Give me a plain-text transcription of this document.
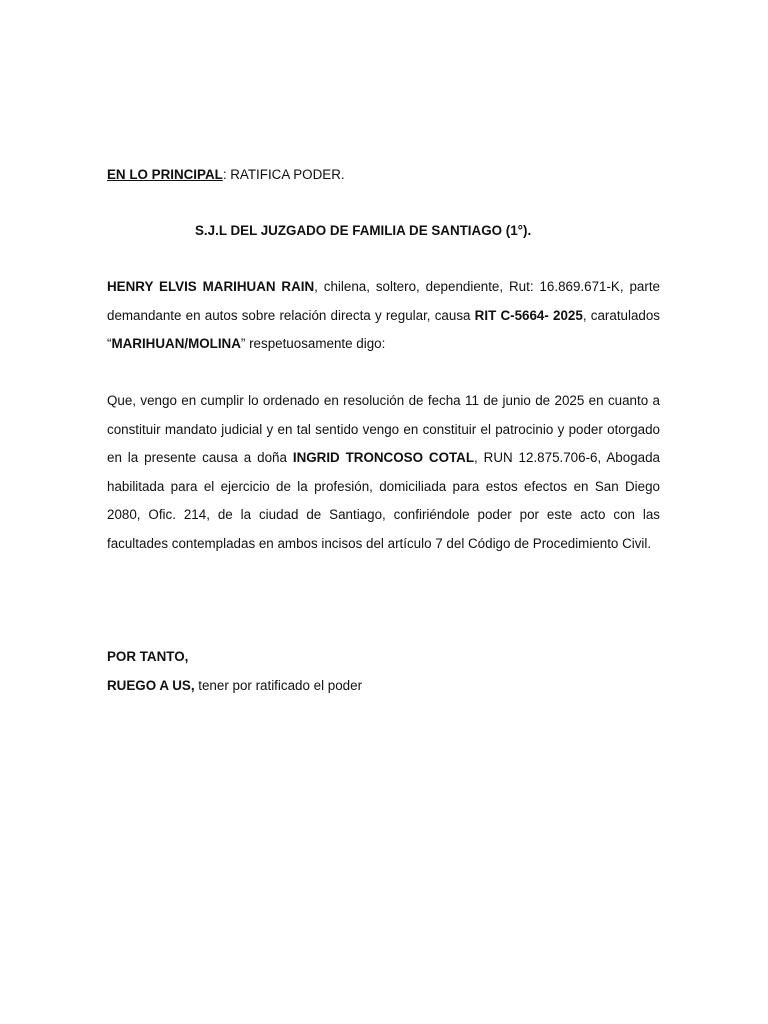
EN LO PRINCIPAL: RATIFICA PODER.
S.J.L DEL JUZGADO DE FAMILIA DE SANTIAGO (1°).
HENRY ELVIS MARIHUAN RAIN, chilena, soltero, dependiente, Rut: 16.869.671-K, parte demandante en autos sobre relación directa y regular, causa RIT C-5664- 2025, caratulados “MARIHUAN/MOLINA” respetuosamente digo:
Que, vengo en cumplir lo ordenado en resolución de fecha 11 de junio de 2025 en cuanto a constituir mandato judicial y en tal sentido vengo en constituir el patrocinio y poder otorgado en la presente causa a doña INGRID TRONCOSO COTAL, RUN 12.875.706-6, Abogada habilitada para el ejercicio de la profesión, domiciliada para estos efectos en San Diego 2080, Ofic. 214, de la ciudad de Santiago, confiriéndole poder por este acto con las facultades contempladas en ambos incisos del artículo 7 del Código de Procedimiento Civil.
POR TANTO,
RUEGO A US, tener por ratificado el poder
